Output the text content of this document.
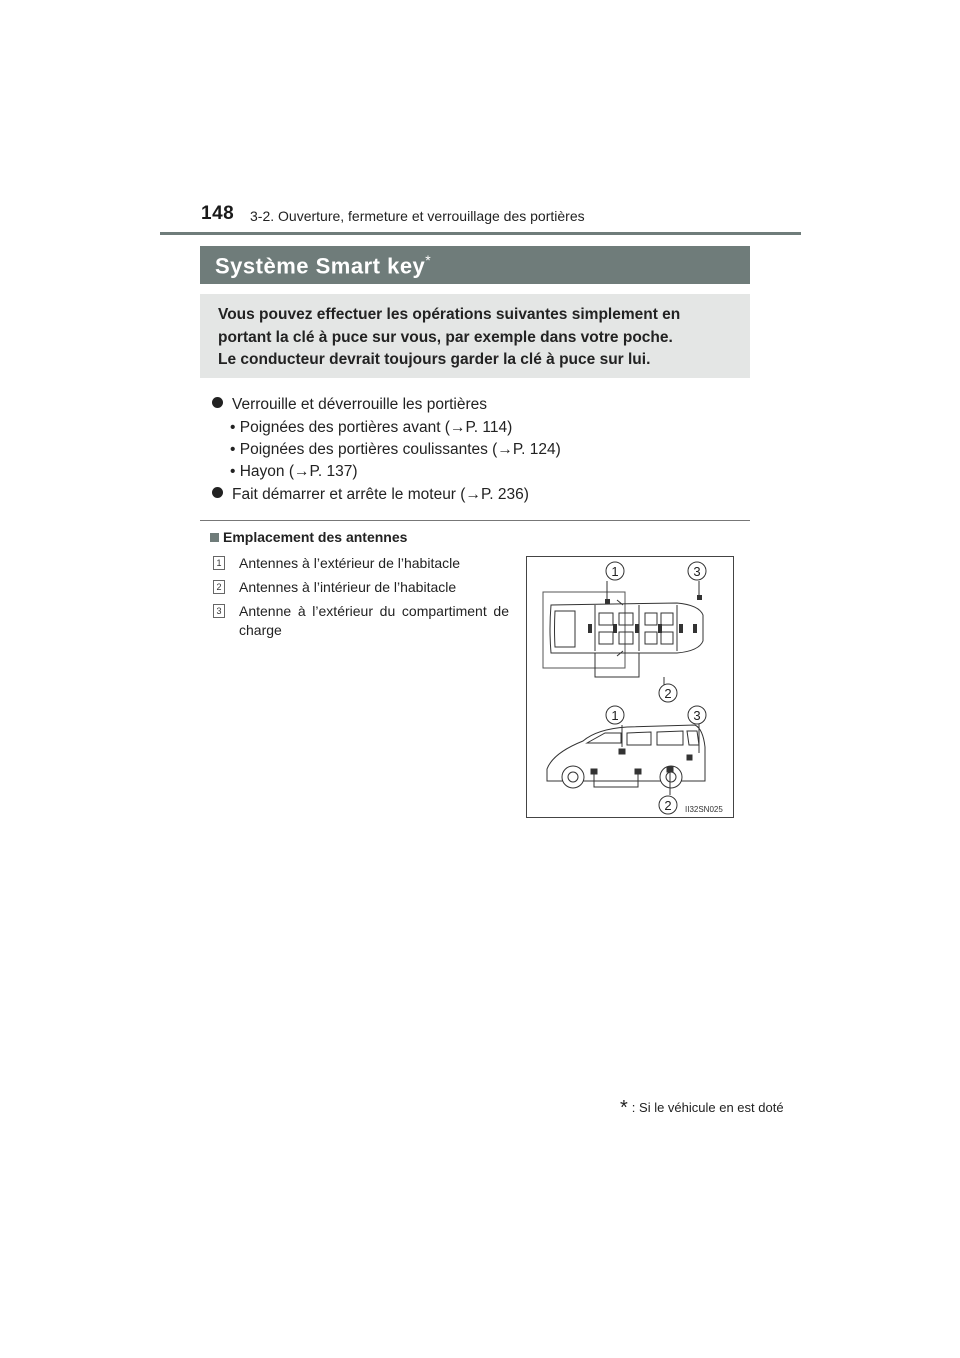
148 3-2. Ouverture, fermeture et verrouillage des portières
Système Smart key*
Vous pouvez effectuer les opérations suivantes simplement en
portant la clé à puce sur vous, par exemple dans votre poche.
Le conducteur devrait toujours garder la clé à puce sur lui.
Verrouille et déverrouille les portières
• Poignées des portières avant (→P. 114)
• Poignées des portières coulissantes (→P. 124)
• Hayon (→P. 137)
Fait démarrer et arrête le moteur (→P. 236)
Emplacement des antennes
1 Antennes à l’extérieur de l’habitacle
2 Antennes à l’intérieur de l’habitacle
3 Antenne à l’extérieur du compartiment de charge
1	3
2
1	3
2 II32SN025
* : Si le véhicule en est doté
